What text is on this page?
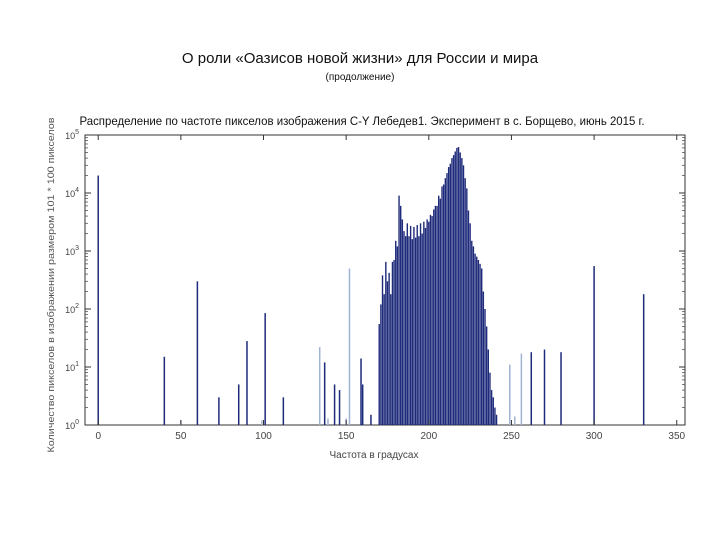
О роли «Оазисов новой жизни» для России и мира
(продолжение)
Количество пикселов в изображении размером 101 * 100 пикселов
Распределение по частоте пикселов изображения C-Y Лебедев1. Эксперимент в с. Борщево, июнь 2015 г.
Частота в градусах
0	50	100	150	200	250	300	350
$10^0$
$10^1$
$10^2$
$10^3$
$10^4$
$10^5$
